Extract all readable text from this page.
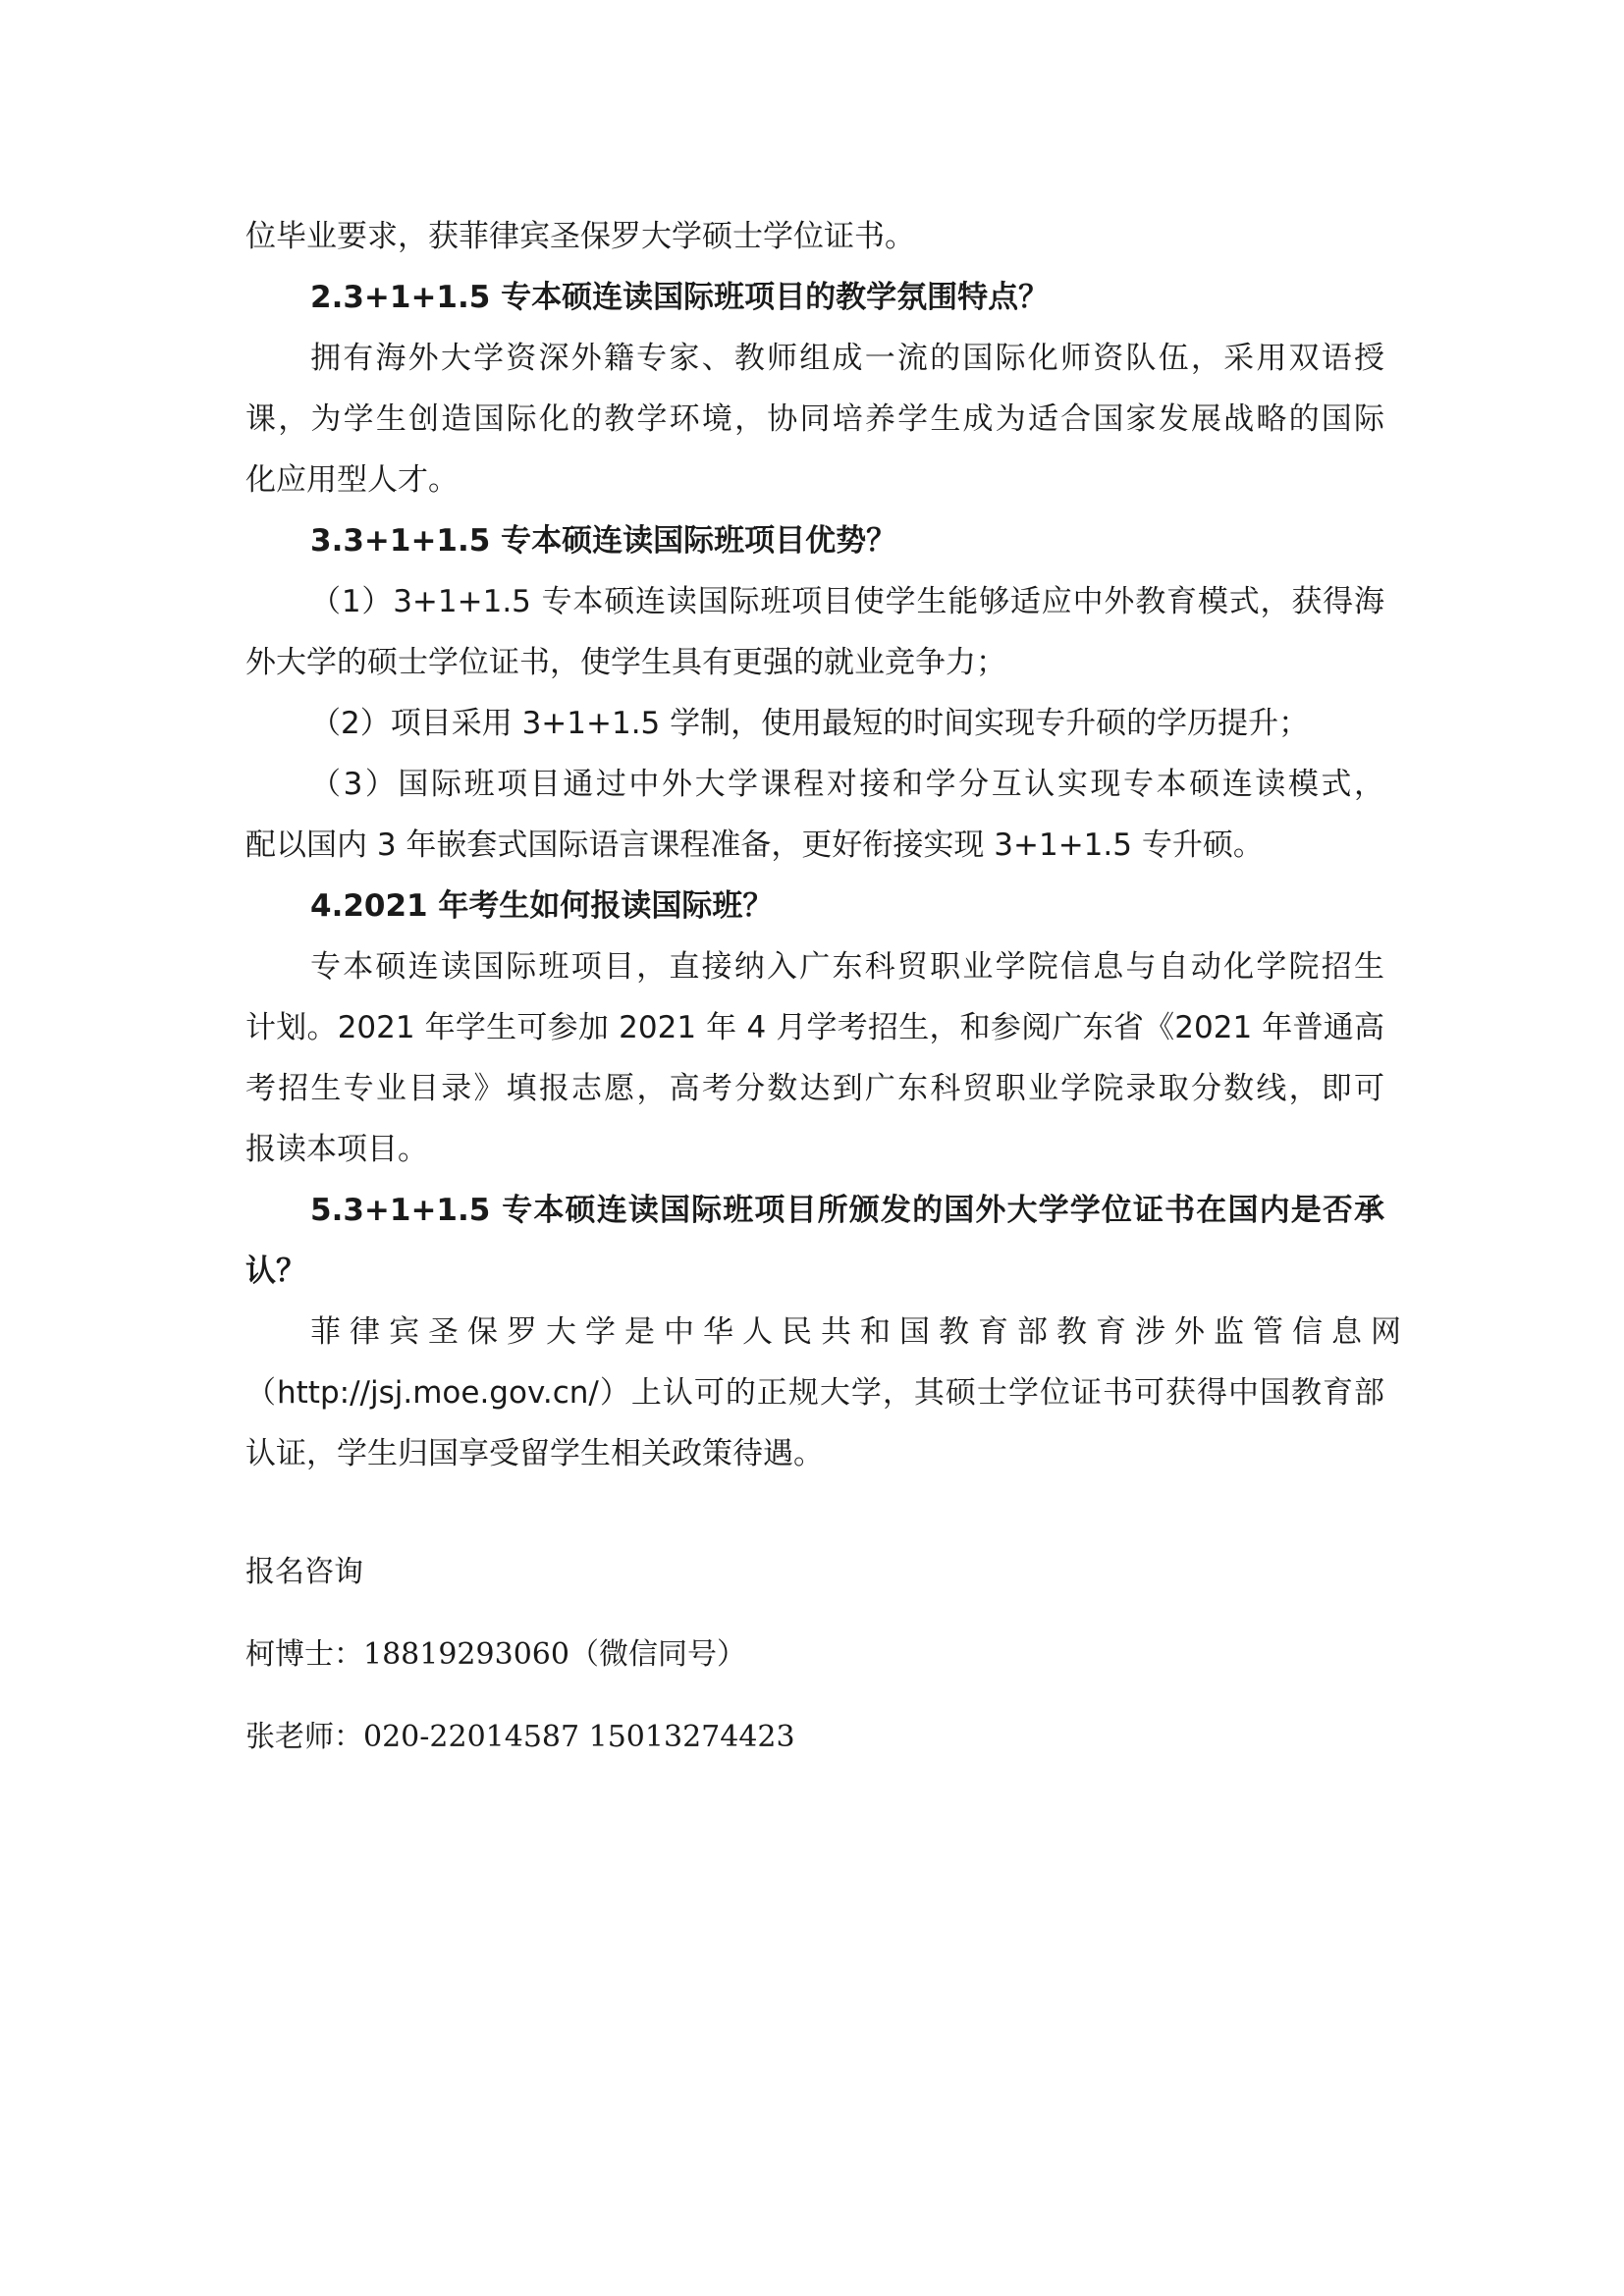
位毕业要求，获菲律宾圣保罗大学硕士学位证书。

2.3+1+1.5 专本硕连读国际班项目的教学氛围特点？

拥有海外大学资深外籍专家、教师组成一流的国际化师资队伍，采用双语授

课，为学生创造国际化的教学环境，协同培养学生成为适合国家发展战略的国际

化应用型人才。

3.3+1+1.5 专本硕连读国际班项目优势？

（1）3+1+1.5 专本硕连读国际班项目使学生能够适应中外教育模式，获得海

外大学的硕士学位证书，使学生具有更强的就业竞争力；

（2）项目采用 3+1+1.5 学制，使用最短的时间实现专升硕的学历提升；

（3）国际班项目通过中外大学课程对接和学分互认实现专本硕连读模式，

配以国内 3 年嵌套式国际语言课程准备，更好衔接实现 3+1+1.5 专升硕。

4.2021 年考生如何报读国际班？

专本硕连读国际班项目，直接纳入广东科贸职业学院信息与自动化学院招生

计划。2021 年学生可参加 2021 年 4 月学考招生，和参阅广东省《2021 年普通高

考招生专业目录》填报志愿，高考分数达到广东科贸职业学院录取分数线，即可

报读本项目。

5.3+1+1.5 专本硕连读国际班项目所颁发的国外大学学位证书在国内是否承

认？

菲律宾圣保罗大学是中华人民共和国教育部教育涉外监管信息网

（http://jsj.moe.gov.cn/）上认可的正规大学，其硕士学位证书可获得中国教育部

认证，学生归国享受留学生相关政策待遇。

报名咨询

柯博士：18819293060（微信同号）

张老师：020-22014587 15013274423
